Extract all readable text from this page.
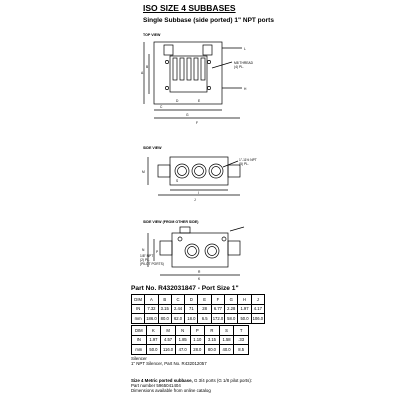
ISO SIZE 4 SUBBASES
Single Subbase (side ported) 1" NPT ports
TOP VIEW
A
B
C
D	E
F
G
H
L
M8 THREAD
(4) PL.
SIDE VIEW
J
I
M
S
1"-11½ NPT
(5) PL.
SIDE VIEW (FROM OTHER SIDE)
N	P
R
K
1/8" NPT
(2) PL.
(PILOT PORTS)
Part No. R432031847 - Port Size 1"
DIM	A	B	C	D	E	F	G	H	J
IN	7.32	3.15	2.44	71	28	6.77	2.28	1.97	4.17
mm	186.0	80.0	62.0	18.0	6.5	172.0	58.0	50.0	106.0
DIM	K	M	N	P	R	S	T
IN	1.97	4.57	1.85	1.10	3.15	1.58	.33
mm	50.0	116.0	47.0	28.0	80.0	40.0	8.5
Silencer
1" NPT Silencer, Part No. R432012057
Size 4 Metric ported subbase, G 3/4 ports (G 1/8 pilot ports):
Part number 5965041404
Dimensions available from online catalog
